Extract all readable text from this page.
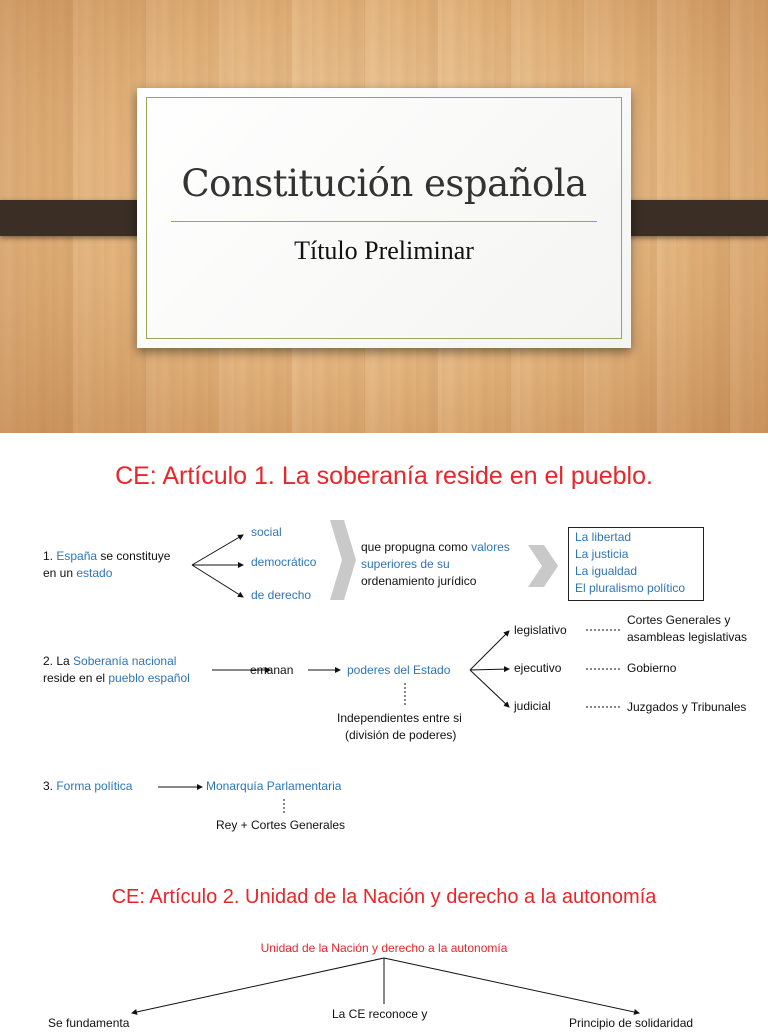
Constitución española
Título Preliminar
CE: Artículo 1. La soberanía reside en el pueblo.
1. España se constituye
en un estado
social
democrático
de derecho
que propugna como valores
superiores de su
ordenamiento jurídico
La libertad
La justicia
La igualdad
El pluralismo político
2. La Soberanía nacional
reside en el pueblo español
emanan	poderes del Estado
Independientes entre si
(división de poderes)
legislativo
ejecutivo
judicial
Cortes Generales y
asambleas legislativas
Gobierno
Juzgados y Tribunales
3. Forma política	Monarquía Parlamentaria
Rey + Cortes Generales
CE: Artículo 2. Unidad de la Nación y derecho a la autonomía
Unidad de la Nación y derecho a la autonomía
Se fundamenta
La CE reconoce y
Principio de solidaridad
